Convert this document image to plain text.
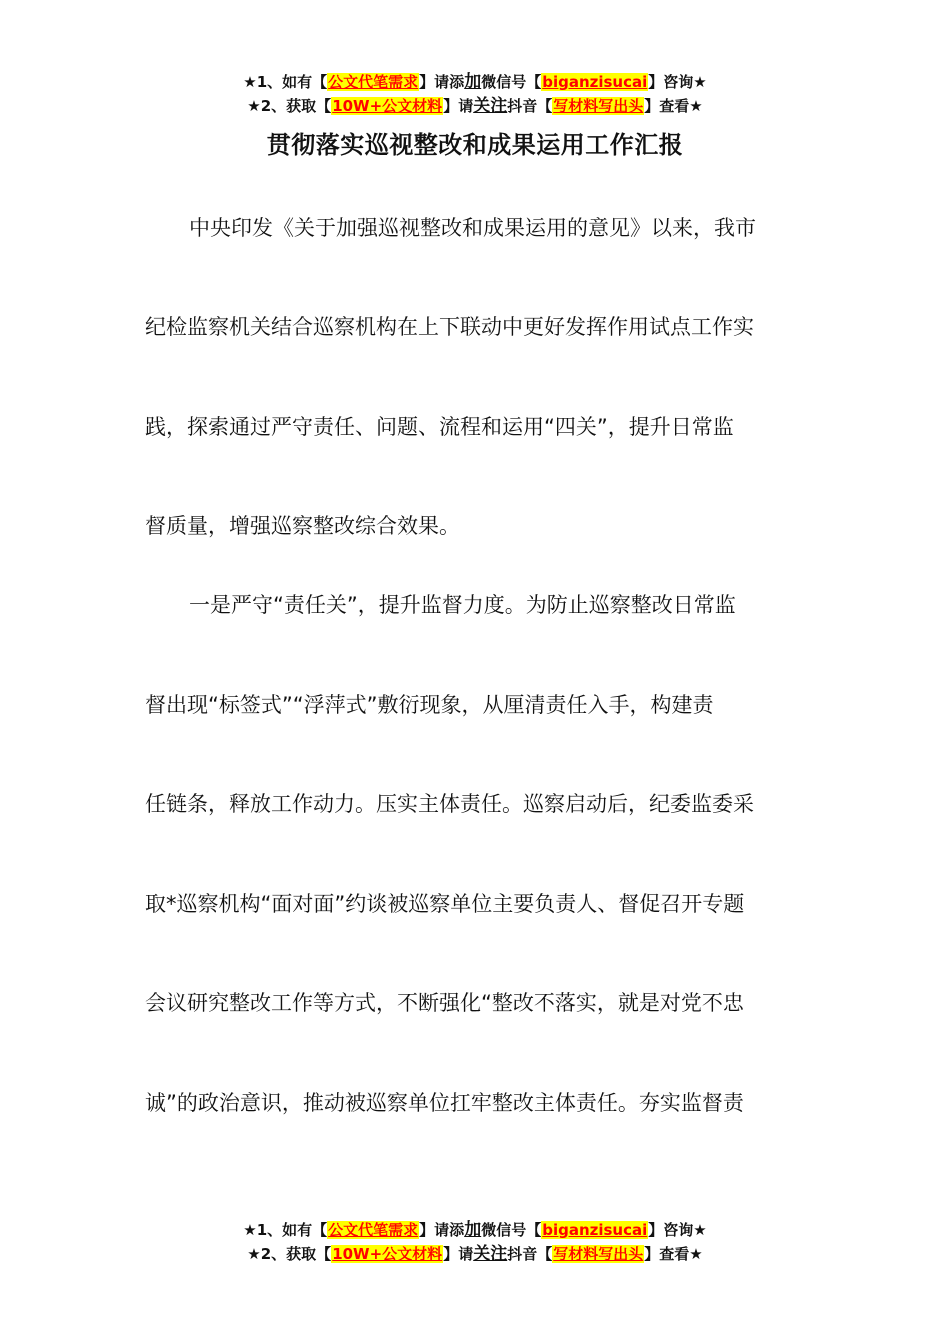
★1、如有【公文代笔需求】请添加微信号【biganzisucai】咨询★
★2、获取【10W+公文材料】请关注抖音【写材料写出头】查看★
贯彻落实巡视整改和成果运用工作汇报
中央印发《关于加强巡视整改和成果运用的意见》以来，我市
纪检监察机关结合巡察机构在上下联动中更好发挥作用试点工作实
践，探索通过严守责任、问题、流程和运用“四关”，提升日常监
督质量，增强巡察整改综合效果。
一是严守“责任关”，提升监督力度。为防止巡察整改日常监
督出现“标签式”“浮萍式”敷衍现象，从厘清责任入手，构建责
任链条，释放工作动力。压实主体责任。巡察启动后，纪委监委采
取*巡察机构“面对面”约谈被巡察单位主要负责人、督促召开专题
会议研究整改工作等方式，不断强化“整改不落实，就是对党不忠
诚”的政治意识，推动被巡察单位扛牢整改主体责任。夯实监督责
★1、如有【公文代笔需求】请添加微信号【biganzisucai】咨询★
★2、获取【10W+公文材料】请关注抖音【写材料写出头】查看★
